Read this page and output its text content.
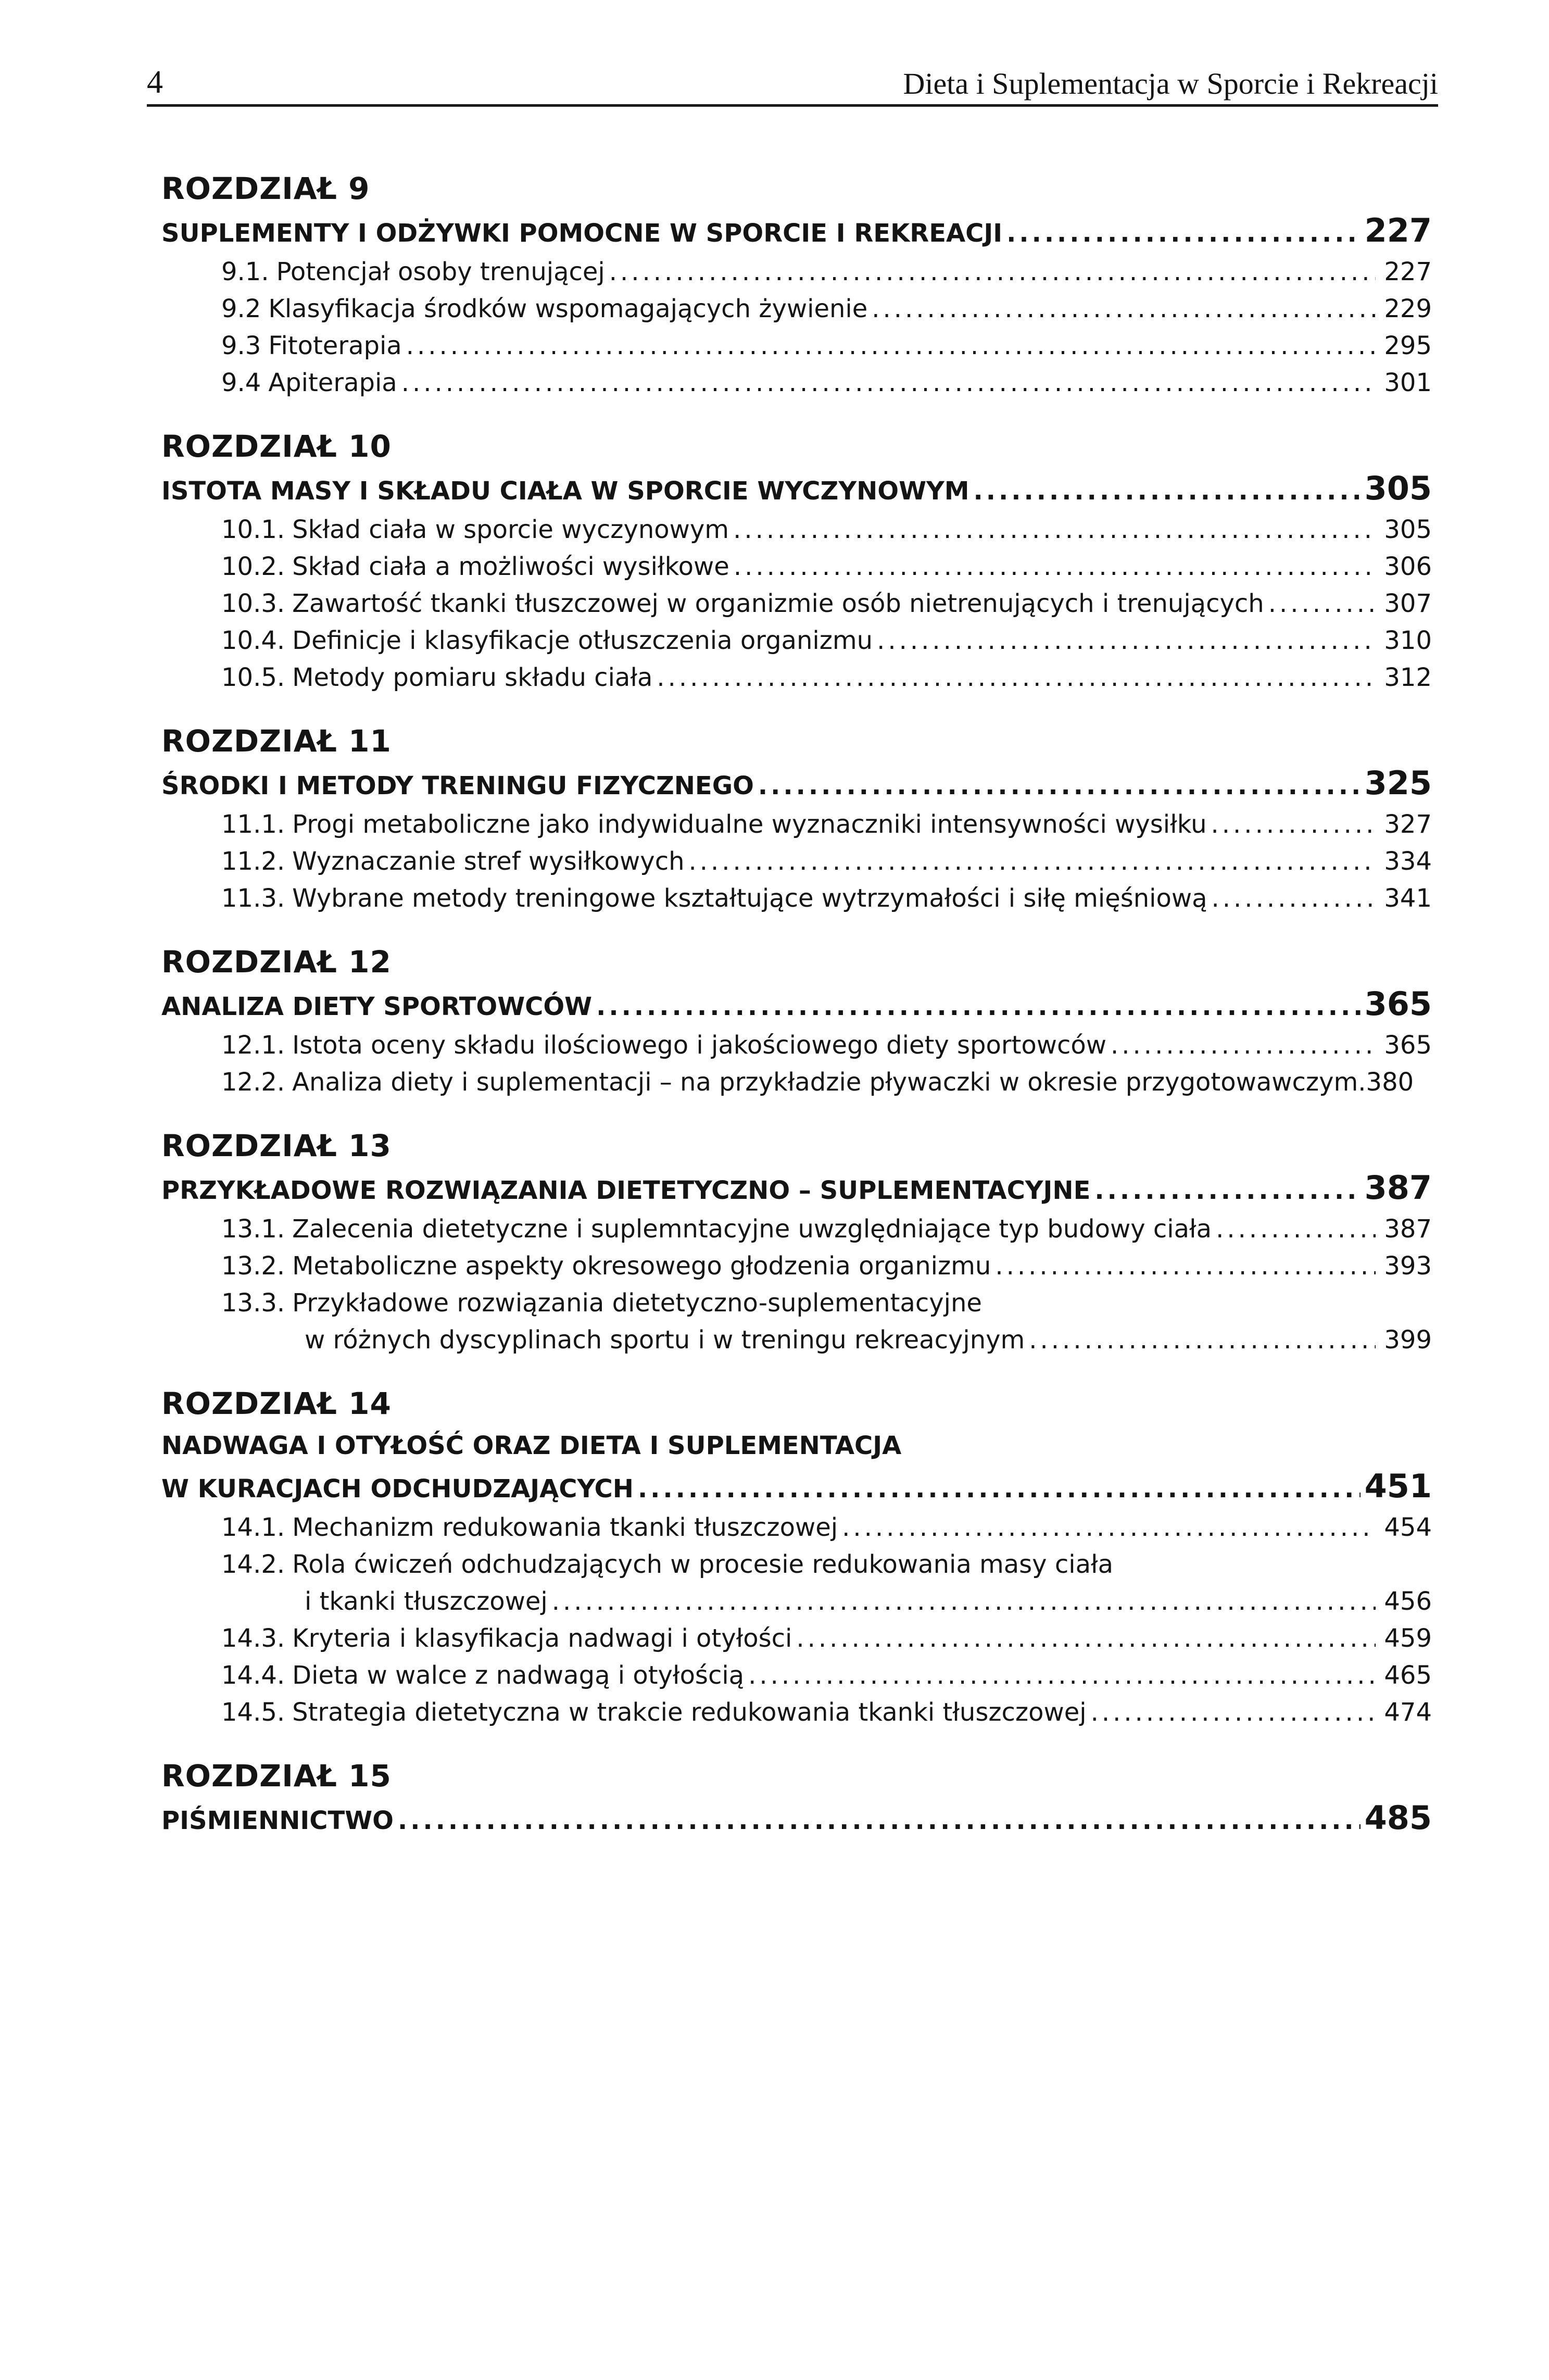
4	Dieta i Suplementacja w Sporcie i Rekreacji
ROZDZIAŁ 9
SUPLEMENTY I ODŻYWKI POMOCNE W SPORCIE I REKREACJI .....	227
9.1. Potencjał osoby trenującej .....	227
9.2 Klasyfikacja środków wspomagających żywienie .....	229
9.3 Fitoterapia .....	295
9.4 Apiterapia .....	301
ROZDZIAŁ 10
ISTOTA MASY I SKŁADU CIAŁA W SPORCIE WYCZYNOWYM .....	305
10.1. Skład ciała w sporcie wyczynowym .....	305
10.2. Skład ciała a możliwości wysiłkowe .....	306
10.3. Zawartość tkanki tłuszczowej w organizmie osób nietrenujących i trenujących .....	307
10.4. Definicje i klasyfikacje otłuszczenia organizmu .....	310
10.5. Metody pomiaru składu ciała .....	312
ROZDZIAŁ 11
ŚRODKI I METODY TRENINGU FIZYCZNEGO .....	325
11.1. Progi metaboliczne jako indywidualne wyznaczniki intensywności wysiłku .....	327
11.2. Wyznaczanie stref wysiłkowych .....	334
11.3. Wybrane metody treningowe kształtujące wytrzymałości i siłę mięśniową .....	341
ROZDZIAŁ 12
ANALIZA DIETY SPORTOWCÓW .....	365
12.1. Istota oceny składu ilościowego i jakościowego diety sportowców .....	365
12.2. Analiza diety i suplementacji – na przykładzie pływaczki w okresie przygotowawczym. 380
ROZDZIAŁ 13
PRZYKŁADOWE ROZWIĄZANIA DIETETYCZNO – SUPLEMENTACYJNE .....	387
13.1. Zalecenia dietetyczne i suplemntacyjne uwzględniające typ budowy ciała .....	387
13.2. Metaboliczne aspekty okresowego głodzenia organizmu .....	393
13.3. Przykładowe rozwiązania dietetyczno-suplementacyjne
w różnych dyscyplinach sportu i w treningu rekreacyjnym .....	399
ROZDZIAŁ 14
NADWAGA I OTYŁOŚĆ ORAZ DIETA I SUPLEMENTACJA
W KURACJACH ODCHUDZAJĄCYCH .....	451
14.1. Mechanizm redukowania tkanki tłuszczowej .....	454
14.2. Rola ćwiczeń odchudzających w procesie redukowania masy ciała
i tkanki tłuszczowej .....	456
14.3. Kryteria i klasyfikacja nadwagi i otyłości .....	459
14.4. Dieta w walce z nadwagą i otyłością .....	465
14.5. Strategia dietetyczna w trakcie redukowania tkanki tłuszczowej .....	474
ROZDZIAŁ 15
PIŚMIENNICTWO .....	485
